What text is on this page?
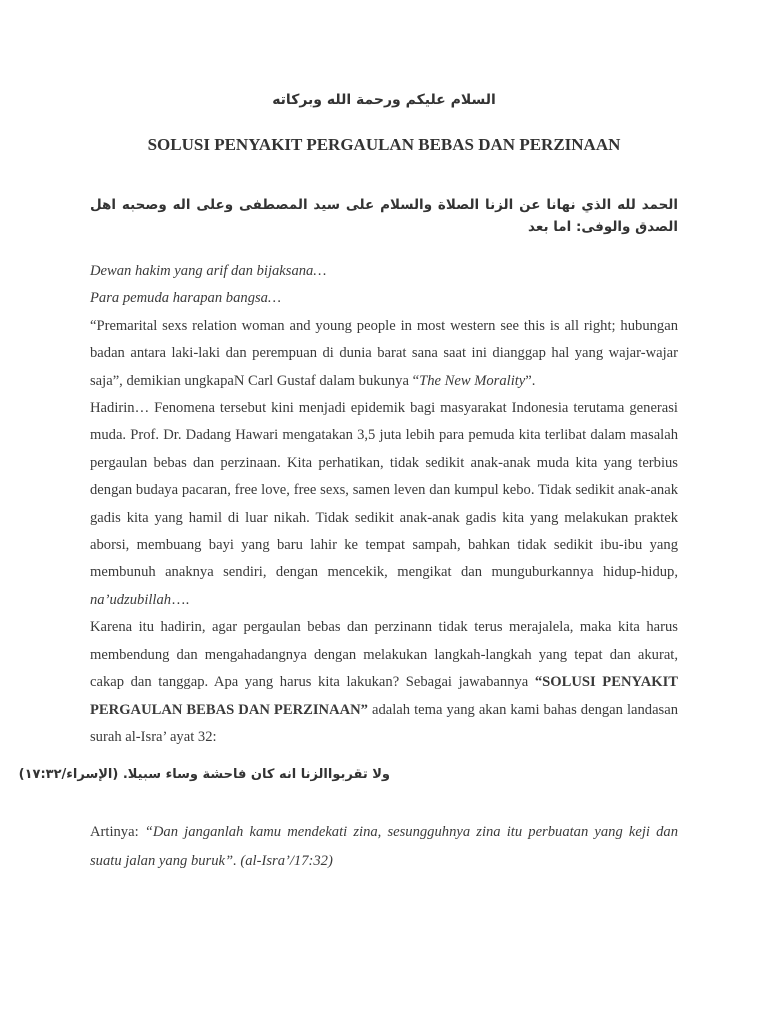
السلام عليكم ورحمة الله وبركاته
SOLUSI PENYAKIT PERGAULAN BEBAS DAN PERZINAAN
الحمد لله الذي نهانا عن الزنا الصلاة والسلام على سيد المصطفى وعلى اله وصحبه اهل الصدق والوفى: اما بعد

Dewan hakim yang arif dan bijaksana…

Para pemuda harapan bangsa…

“Premarital sexs relation woman and young people in most western see this is all right; hubungan badan antara laki-laki dan perempuan di dunia barat sana saat ini dianggap hal yang wajar-wajar saja”, demikian ungkapaN Carl Gustaf dalam bukunya “The New Morality”.

Hadirin… Fenomena tersebut kini menjadi epidemik bagi masyarakat Indonesia terutama generasi muda. Prof. Dr. Dadang Hawari mengatakan 3,5 juta lebih para pemuda kita terlibat dalam masalah pergaulan bebas dan perzinaan. Kita perhatikan, tidak sedikit anak-anak muda kita yang terbius dengan budaya pacaran, free love, free sexs, samen leven dan kumpul kebo. Tidak sedikit anak-anak gadis kita yang hamil di luar nikah. Tidak sedikit anak-anak gadis kita yang melakukan praktek aborsi, membuang bayi yang baru lahir ke tempat sampah, bahkan tidak sedikit ibu-ibu yang membunuh anaknya sendiri, dengan mencekik, mengikat dan munguburkannya hidup-hidup, na’udzubillah….

Karena itu hadirin, agar pergaulan bebas dan perzinann tidak terus merajalela, maka kita harus membendung dan mengahadangnya dengan melakukan langkah-langkah yang tepat dan akurat, cakap dan tanggap. Apa yang harus kita lakukan? Sebagai jawabannya “SOLUSI PENYAKIT PERGAULAN BEBAS DAN PERZINAAN” adalah tema yang akan kami bahas dengan landasan surah al-Isra’ ayat 32:

ولا تقربواالزنا انه كان فاحشة وساء سبيلا. (الإسراء/١٧:٣٢)
Artinya: “Dan janganlah kamu mendekati zina, sesungguhnya zina itu perbuatan yang keji dan suatu jalan yang buruk”. (al-Isra’/17:32)
